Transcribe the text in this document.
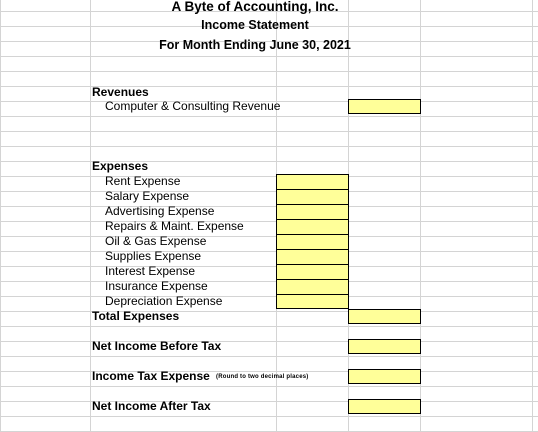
A Byte of Accounting, Inc.
Income Statement
For Month Ending June 30, 2021
Revenues
Computer & Consulting Revenue
Expenses
Rent Expense
Salary Expense
Advertising Expense
Repairs & Maint. Expense
Oil & Gas Expense
Supplies Expense
Interest Expense
Insurance Expense
Depreciation Expense
Total Expenses
Net Income Before Tax
Income Tax Expense (Round to two decimal places)
Net Income After Tax
